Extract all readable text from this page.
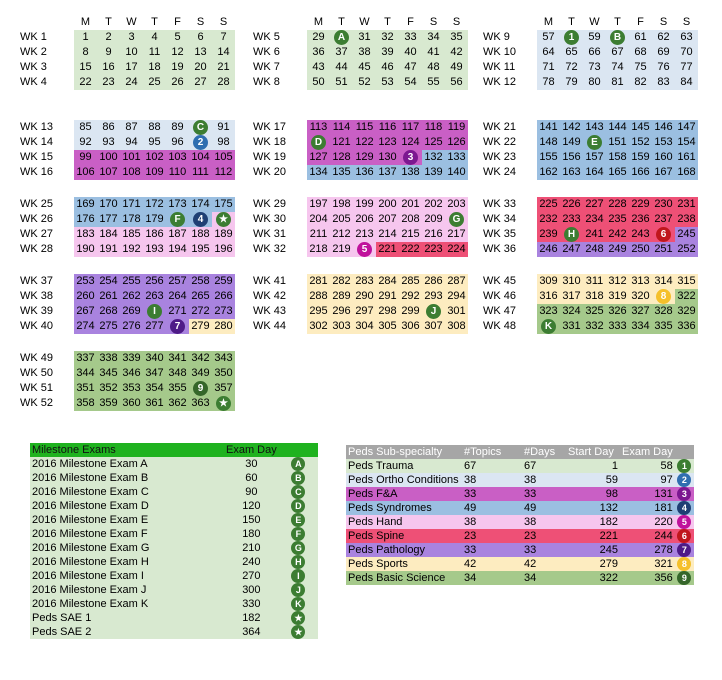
M	T	W	T	F	S	S
WK 1	1	2	3	4	5	6	7
WK 2	8	9	10	11	12 13 14
WK 3	15 16 17 18 19 20 21
WK 4	22 23 24 25 26 27 28
M	T	W	T	F	S	S
WK 5	29	A	31 32 33 34 35
WK 6	36 37 38 39 40 41 42
WK 7	43 44 45 46 47 48 49
WK 8	50 51 52 53 54 55 56
M	T	W	T	F	S	S
WK 9	57	1	59	B	61 62 63
WK 10	64 65 66 67 68 69 70
WK 11	71 72 73 74 75 76 77
WK 12	78 79 80 81 82 83 84
WK 13	85 86 87 88 89	C	91
WK 14	92 93 94 95 96	2	98
WK 15	99 100 101 102 103 104 105
WK 16	106 107 108 109 110 111 112
WK 17	113 114 115 116 117 118 119
WK 18	D 121 122 123 124 125 126
WK 19	127 128 129 130	3	132 133
WK 20	134 135 136 137 138 139 140
WK 21	141 142 143 144 145 146 147
WK 22	148 149	E 151 152 153 154
WK 23	155 156 157 158 159 160 161
WK 24	162 163 164 165 166 167 168
WK 25	169 170 171 172 173 174 175
WK 26	176 177 178 179	F	4	★
WK 27	183 184 185 186 187 188 189
WK 28	190 191 192 193 194 195 196
WK 29	197 198 199 200 201 202 203
WK 30	204 205 206 207 208 209 G
WK 31	211 212 213 214 215 216 217
WK 32	218 219	5	221 222 223 224
WK 33	225 226 227 228 229 230 231
WK 34	232 233 234 235 236 237 238
WK 35	239	H 241 242 243	6	245
WK 36	246 247 248 249 250 251 252
WK 37	253 254 255 256 257 258 259
WK 38	260 261 262 263 264 265 266
WK 39	267 268 269	I	271 272 273
WK 40	274 275 276 277	7	279 280
WK 41	281 282 283 284 285 286 287
WK 42	288 289 290 291 292 293 294
WK 43	295 296 297 298 299	J	301
WK 44	302 303 304 305 306 307 308
WK 45	309 310 311 312 313 314 315
WK 46	316 317 318 319 320	8	322
WK 47	323 324 325 326 327 328 329
WK 48	K 331 332 333 334 335 336
WK 49	337 338 339 340 341 342 343
WK 50	344 345 346 347 348 349 350
WK 51	351 352 353 354 355	9	357
WK 52	358 359 360 361 362 363 ★
Milestone Exams	Exam Day	
2016 Milestone Exam A	30	A
2016 Milestone Exam B	60	B
2016 Milestone Exam C	90	C
2016 Milestone Exam D	120	D
2016 Milestone Exam E	150	E
2016 Milestone Exam F	180	F
2016 Milestone Exam G	210	G
2016 Milestone Exam H	240	H
2016 Milestone Exam I	270	I
2016 Milestone Exam J	300	J
2016 Milestone Exam K	330	K
Peds SAE 1	182	★
Peds SAE 2	364	★
Peds Sub-specialty	#Topics	#Days	Start Day	Exam Day	
Peds Trauma	67	67	1	58	1
Peds Ortho Conditions	38	38	59	97	2
Peds F&A	33	33	98	131	3
Peds Syndromes	49	49	132	181	4
Peds Hand	38	38	182	220	5
Peds Spine	23	23	221	244	6
Peds Pathology	33	33	245	278	7
Peds Sports	42	42	279	321	8
Peds Basic Science	34	34	322	356	9
